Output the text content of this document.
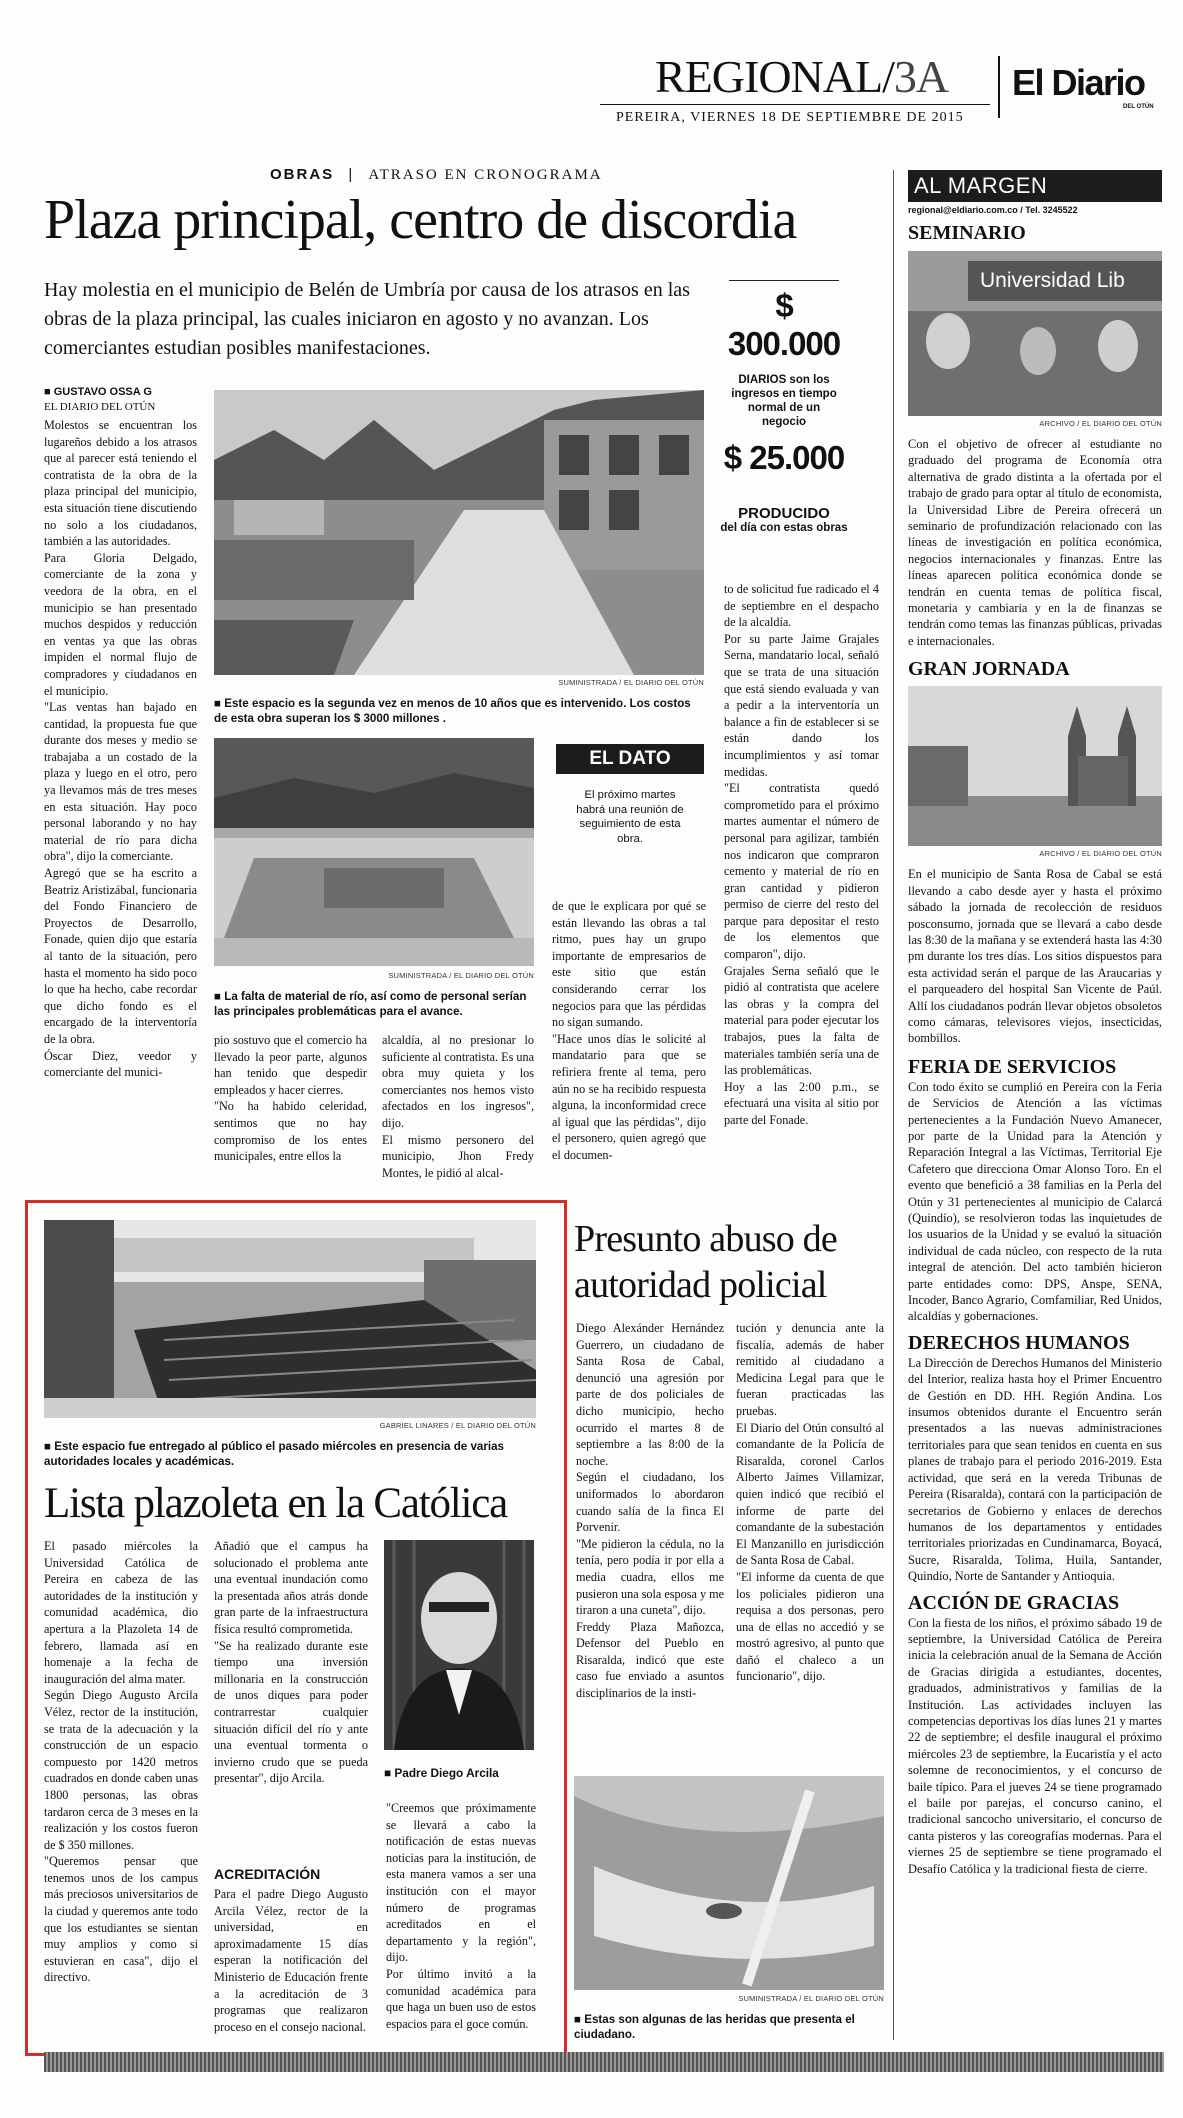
REGIONAL/3A El Diario
DEL OTÚN
PEREIRA, VIERNES 18 DE SEPTIEMBRE DE 2015
OBRAS | ATRASO EN CRONOGRAMA
Plaza principal, centro de discordia
Hay molestia en el municipio de Belén de Umbría por causa de los atrasos en las obras de la plaza principal, las cuales iniciaron en agosto y no avanzan. Los comerciantes estudian posibles manifestaciones.
$ 300.000
DIARIOS son los ingresos en tiempo normal de un negocio
$ 25.000
PRODUCIDO
del día con estas obras
■ GUSTAVO OSSA G
EL DIARIO DEL OTÚN
Molestos se encuentran los lugareños debido a los atrasos que al parecer está teniendo el contratista de la obra de la plaza principal del municipio, esta situación tiene discutiendo no solo a los ciudadanos, también a las autoridades.
Para Gloria Delgado, comerciante de la zona y veedora de la obra, en el municipio se han presentado muchos despidos y reducción en ventas ya que las obras impiden el normal flujo de compradores y ciudadanos en el municipio.
"Las ventas han bajado en cantidad, la propuesta fue que durante dos meses y medio se trabajaba a un costado de la plaza y luego en el otro, pero ya llevamos más de tres meses en esta situación. Hay poco personal laborando y no hay material de río para dicha obra", dijo la comerciante.
Agregó que se ha escrito a Beatriz Aristizábal, funcionaria del Fondo Financiero de Proyectos de Desarrollo, Fonade, quien dijo que estaría al tanto de la situación, pero hasta el momento ha sido poco lo que ha hecho, cabe recordar que dicho fondo es el encargado de la interventoría de la obra.
Óscar Diez, veedor y comerciante del munici-
SUMINISTRADA / EL DIARIO DEL OTÚN
■ Este espacio es la segunda vez en menos de 10 años que es intervenido. Los costos de esta obra superan los $ 3000 millones .
SUMINISTRADA / EL DIARIO DEL OTÚN
■ La falta de material de río, así como de personal serían las principales problemáticas para el avance.
EL DATO
El próximo martes habrá una reunión de seguimiento de esta obra.
pio sostuvo que el comercio ha llevado la peor parte, algunos han tenido que despedir empleados y hacer cierres.
"No ha habido celeridad, sentimos que no hay compromiso de los entes municipales, entre ellos la
alcaldía, al no presionar lo suficiente al contratista. Es una obra muy quieta y los comerciantes nos hemos visto afectados en los ingresos", dijo.
El mismo personero del municipio, Jhon Fredy Montes, le pidió al alcal-
de que le explicara por qué se están llevando las obras a tal ritmo, pues hay un grupo importante de empresarios de este sitio que están considerando cerrar los negocios para que las pérdidas no sigan sumando.
"Hace unos días le solicité al mandatario para que se refiriera frente al tema, pero aún no se ha recibido respuesta alguna, la inconformidad crece al igual que las pérdidas", dijo el personero, quien agregó que el documen-
to de solicitud fue radicado el 4 de septiembre en el despacho de la alcaldía.
Por su parte Jaime Grajales Serna, mandatario local, señaló que se trata de una situación que está siendo evaluada y van a pedir a la interventoría un balance a fin de establecer si se están dando los incumplimientos y así tomar medidas.
"El contratista quedó comprometido para el próximo martes aumentar el número de personal para agilizar, también nos indicaron que compraron cemento y material de río en gran cantidad y pidieron permiso de cierre del resto del parque para depositar el resto de los elementos que comparon", dijo.
Grajales Serna señaló que le pidió al contratista que acelere las obras y la compra del material para poder ejecutar los trabajos, pues la falta de materiales también sería una de las problemáticas.
Hoy a las 2:00 p.m., se efectuará una visita al sitio por parte del Fonade.
GABRIEL LINARES / EL DIARIO DEL OTÚN
■ Este espacio fue entregado al público el pasado miércoles en presencia de varias autoridades locales y académicas.
Lista plazoleta en la Católica
El pasado miércoles la Universidad Católica de Pereira en cabeza de las autoridades de la institución y comunidad académica, dio apertura a la Plazoleta 14 de febrero, llamada así en homenaje a la fecha de inauguración del alma mater.
Según Diego Augusto Arcila Vélez, rector de la institución, se trata de la adecuación y la construcción de un espacio compuesto por 1420 metros cuadrados en donde caben unas 1800 personas, las obras tardaron cerca de 3 meses en la realización y los costos fueron de $ 350 millones.
"Queremos pensar que tenemos unos de los campus más preciosos universitarios de la ciudad y queremos ante todo que los estudiantes se sientan muy amplios y como si estuvieran en casa", dijo el directivo.
Añadió que el campus ha solucionado el problema ante una eventual inundación como la presentada años atrás donde gran parte de la infraestructura física resultó comprometida.
"Se ha realizado durante este tiempo una inversión millonaria en la construcción de unos diques para poder contrarrestar cualquier situación difícil del río y ante una eventual tormenta o invierno crudo que se pueda presentar", dijo Arcila.
ACREDITACIÓN
Para el padre Diego Augusto Arcila Vélez, rector de la universidad, en aproximadamente 15 días esperan la notificación del Ministerio de Educación frente a la acreditación de 3 programas que realizaron proceso en el consejo nacional.
■ Padre Diego Arcila
"Creemos que próximamente se llevará a cabo la notificación de estas nuevas noticias para la institución, de esta manera vamos a ser una institución con el mayor número de programas acreditados en el departamento y la región", dijo.
Por último invitó a la comunidad académica para que haga un buen uso de estos espacios para el goce común.
Presunto abuso de autoridad policial
Diego Alexánder Hernández Guerrero, un ciudadano de Santa Rosa de Cabal, denunció una agresión por parte de dos policiales de dicho municipio, hecho ocurrido el martes 8 de septiembre a las 8:00 de la noche.
Según el ciudadano, los uniformados lo abordaron cuando salía de la finca El Porvenir.
"Me pidieron la cédula, no la tenía, pero podía ir por ella a media cuadra, ellos me pusieron una sola esposa y me tiraron a una cuneta", dijo.
Freddy Plaza Mañozca, Defensor del Pueblo en Risaralda, indicó que este caso fue enviado a asuntos disciplinarios de la insti-
tución y denuncia ante la fiscalía, además de haber remitido al ciudadano a Medicina Legal para que le fueran practicadas las pruebas.
El Diario del Otún consultó al comandante de la Policía de Risaralda, coronel Carlos Alberto Jaimes Villamizar, quien indicó que recibió el informe de parte del comandante de la subestación El Manzanillo en jurisdicción de Santa Rosa de Cabal.
"El informe da cuenta de que los policiales pidieron una requisa a dos personas, pero una de ellas no accedió y se mostró agresivo, al punto que dañó el chaleco a un funcionario", dijo.
SUMINISTRADA / EL DIARIO DEL OTÚN
■ Estas son algunas de las heridas que presenta el ciudadano.
AL MARGEN
regional@eldiario.com.co / Tel. 3245522
SEMINARIO
Universidad Lib
ARCHIVO / EL DIARIO DEL OTÚN
Con el objetivo de ofrecer al estudiante no graduado del programa de Economía otra alternativa de grado distinta a la ofertada por el trabajo de grado para optar al título de economista, la Universidad Libre de Pereira ofrecerá un seminario de profundización relacionado con las líneas de investigación en política económica, negocios internacionales y finanzas. Entre las líneas aparecen política económica donde se tendrán en cuenta temas de política fiscal, monetaria y cambiaria y en la de finanzas se tendrán como temas las finanzas públicas, privadas e internacionales.
GRAN JORNADA
ARCHIVO / EL DIARIO DEL OTÚN
En el municipio de Santa Rosa de Cabal se está llevando a cabo desde ayer y hasta el próximo sábado la jornada de recolección de residuos posconsumo, jornada que se llevará a cabo desde las 8:30 de la mañana y se extenderá hasta las 4:30 pm durante los tres días. Los sitios dispuestos para esta actividad serán el parque de las Araucarias y el parqueadero del hospital San Vicente de Paúl. Allí los ciudadanos podrán llevar objetos obsoletos como cámaras, televisores viejos, insecticidas, bombillos.
FERIA DE SERVICIOS
Con todo éxito se cumplió en Pereira con la Feria de Servicios de Atención a las víctimas pertenecientes a la Fundación Nuevo Amanecer, por parte de la Unidad para la Atención y Reparación Integral a las Víctimas, Territorial Eje Cafetero que direcciona Omar Alonso Toro. En el evento que benefició a 38 familias en la Perla del Otún y 31 pertenecientes al municipio de Calarcá (Quindío), se resolvieron todas las inquietudes de los usuarios de la Unidad y se evaluó la situación individual de cada núcleo, con respecto de la ruta integral de atención. Del acto también hicieron parte entidades como: DPS, Anspe, SENA, Incoder, Banco Agrario, Comfamiliar, Red Unidos, alcaldías y gobernaciones.
DERECHOS HUMANOS
La Dirección de Derechos Humanos del Ministerio del Interior, realiza hasta hoy el Primer Encuentro de Gestión en DD. HH. Región Andina. Los insumos obtenidos durante el Encuentro serán presentados a las nuevas administraciones territoriales para que sean tenidos en cuenta en sus planes de trabajo para el periodo 2016-2019. Esta actividad, que será en la vereda Tribunas de Pereira (Risaralda), contará con la participación de secretarios de Gobierno y enlaces de derechos humanos de los departamentos y entidades territoriales priorizadas en Cundinamarca, Boyacá, Sucre, Risaralda, Tolima, Huila, Santander, Quindío, Norte de Santander y Antioquia.
ACCIÓN DE GRACIAS
Con la fiesta de los niños, el próximo sábado 19 de septiembre, la Universidad Católica de Pereira inicia la celebración anual de la Semana de Acción de Gracias dirigida a estudiantes, docentes, graduados, administrativos y familias de la Institución. Las actividades incluyen las competencias deportivas los días lunes 21 y martes 22 de septiembre; el desfile inaugural el próximo miércoles 23 de septiembre, la Eucaristía y el acto solemne de reconocimientos, y el concurso de baile típico. Para el jueves 24 se tiene programado el baile por parejas, el concurso canino, el tradicional sancocho universitario, el concurso de canta pisteros y las coreografías modernas. Para el viernes 25 de septiembre se tiene programado el Desafío Católica y la tradicional fiesta de cierre.
